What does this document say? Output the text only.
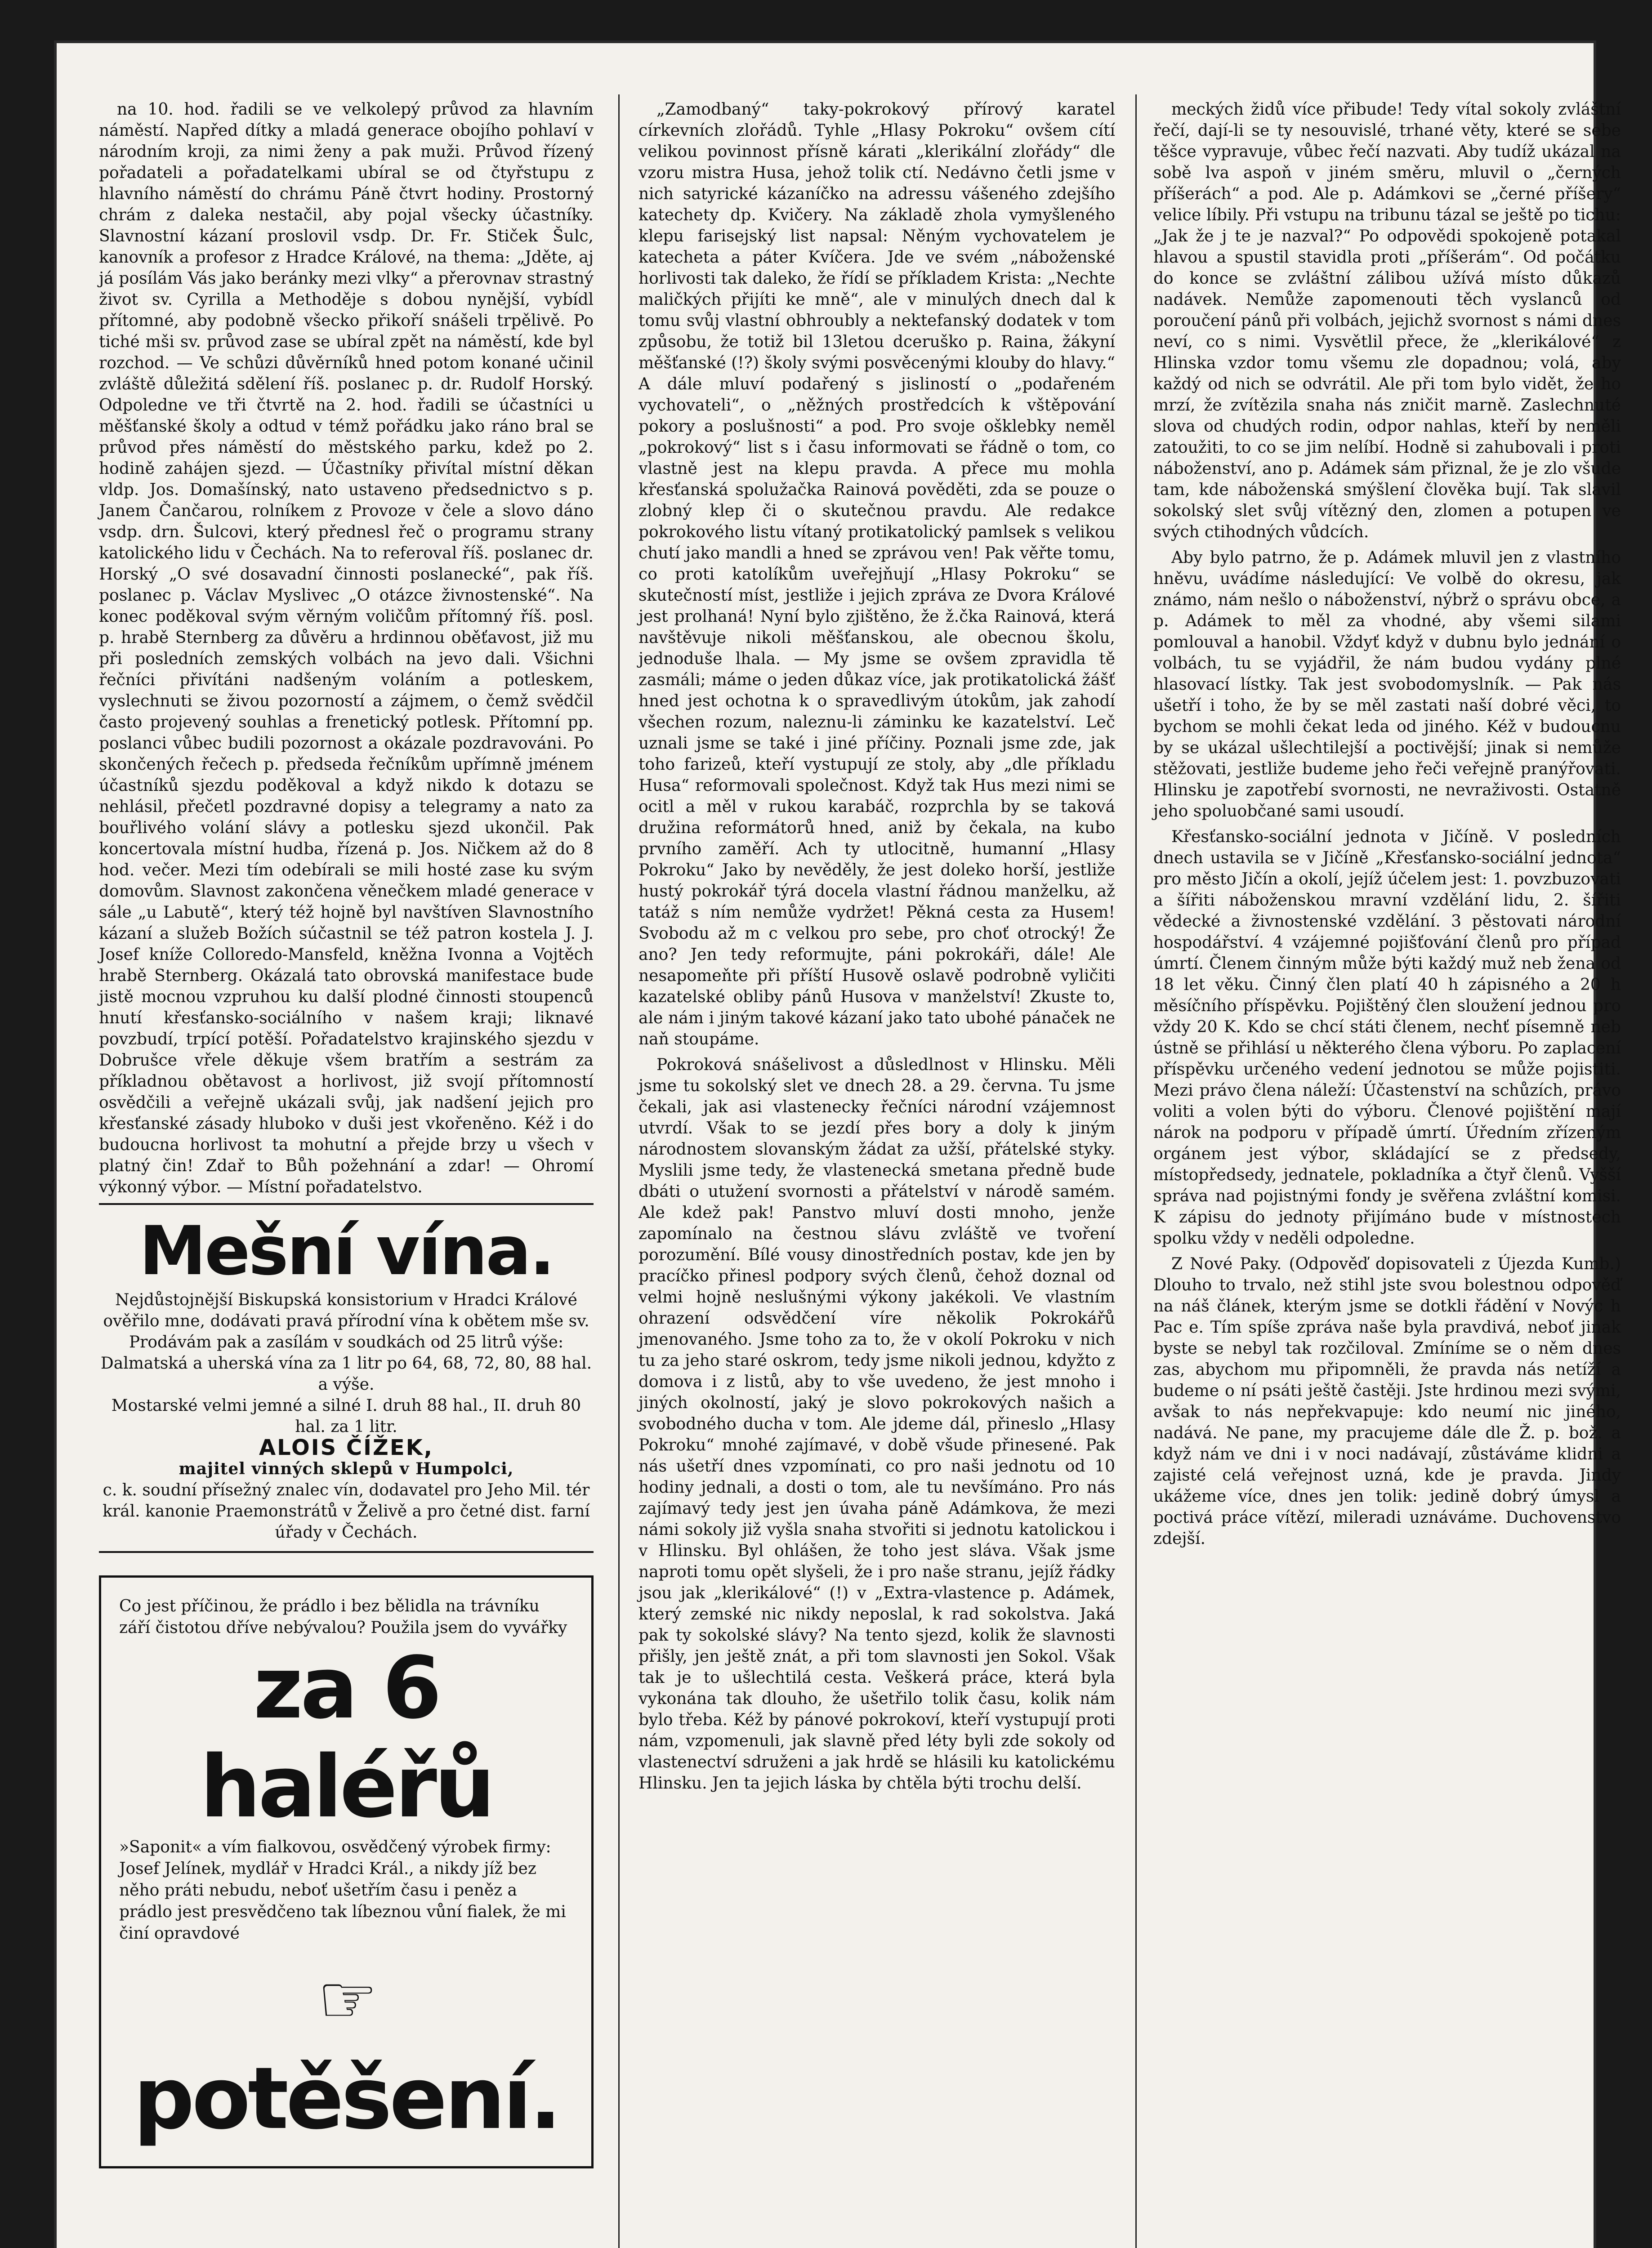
na 10. hod. řadili se ve velkolepý průvod za hlavním náměstí. Napřed dítky a mladá generace obojího pohlaví v národním kroji, za nimi ženy a pak muži. Průvod řízený pořadateli a pořadatelkami ubíral se od čtyřstupu z hlavního náměstí do chrámu Páně čtvrt hodiny. Prostorný chrám z daleka nestačil, aby pojal všecky účastníky. Slavnostní kázaní proslovil vsdp. Dr. Fr. Stiček Šulc, kanovník a profesor z Hradce Králové, na thema: „Jděte, aj já posílám Vás jako beránky mezi vlky“ a přerovnav strastný život sv. Cyrilla a Methoděje s dobou nynější, vybídl přítomné, aby podobně všecko přikoří snášeli trpělivě. Po tiché mši sv. průvod zase se ubíral zpět na náměstí, kde byl rozchod. — Ve schůzi důvěrníků hned potom konané učinil zvláště důležitá sdělení říš. poslanec p. dr. Rudolf Horský. Odpoledne ve tři čtvrtě na 2. hod. řadili se účastníci u měšťanské školy a odtud v témž pořádku jako ráno bral se průvod přes náměstí do městského parku, kdež po 2. hodině zahájen sjezd. — Účastníky přivítal místní děkan vldp. Jos. Domašínský, nato ustaveno předsednictvo s p. Janem Čančarou, rolníkem z Provoze v čele a slovo dáno vsdp. drn. Šulcovi, který přednesl řeč o programu strany katolického lidu v Čechách. Na to referoval říš. poslanec dr. Horský „O své dosavadní činnosti poslanecké“, pak říš. poslanec p. Václav Myslivec „O otázce živnostenské“. Na konec poděkoval svým věrným voličům přítomný říš. posl. p. hrabě Sternberg za důvěru a hrdinnou oběťavost, již mu při posledních zemských volbách na jevo dali. Všichni řečníci přivítáni nadšeným voláním a potleskem, vyslechnuti se živou pozorností a zájmem, o čemž svědčil často projevený souhlas a frenetický potlesk. Přítomní pp. poslanci vůbec budili pozornost a okázale pozdravováni. Po skončených řečech p. předseda řečníkům upřímně jménem účastníků sjezdu poděkoval a když nikdo k dotazu se nehlásil, přečetl pozdravné dopisy a telegramy a nato za bouřlivého volání slávy a potlesku sjezd ukončil. Pak koncertovala místní hudba, řízená p. Jos. Ničkem až do 8 hod. večer. Mezi tím odebírali se mili hosté zase ku svým domovům. Slavnost zakončena věnečkem mladé generace v sále „u Labutě“, který též hojně byl navštíven Slavnostního kázaní a služeb Božích súčastnil se též patron kostela J. J. Josef kníže Colloredo-Mansfeld, kněžna Ivonna a Vojtěch hrabě Sternberg. Okázalá tato obrovská manifestace bude jistě mocnou vzpruhou ku další plodné činnosti stoupenců hnutí křesťansko-sociálního v našem kraji; liknavé povzbudí, trpící potěší. Pořadatelstvo krajinského sjezdu v Dobrušce vřele děkuje všem bratřím a sestrám za příkladnou obětavost a horlivost, již svojí přítomností osvědčili a veřejně ukázali svůj, jak nadšení jejich pro křesťanské zásady hluboko v duši jest vkořeněno. Kéž i do budoucna horlivost ta mohutní a přejde brzy u všech v platný čin! Zdař to Bůh požehnání a zdar! — Ohromí výkonný výbor. — Místní pořadatelstvo.

Mešní vína.
Nejdůstojnější Biskupská konsistorium v Hradci Králové ověřilo mne, dodávati pravá přírodní vína k obětem mše sv.
Prodávám pak a zasílám v soudkách od 25 litrů výše:
Dalmatská a uherská vína za 1 litr po 64, 68, 72, 80, 88 hal. a výše.
Mostarské velmi jemné a silné I. druh 88 hal., II. druh 80 hal. za 1 litr.
ALOIS ČÍŽEK,
majitel vinných sklepů v Humpolci,
c. k. soudní přísežný znalec vín, dodavatel pro Jeho Mil. tér král. kanonie Praemonstrátů v Želivě a pro četné dist. farní úřady v Čechách.
Co jest příčinou, že prádlo i bez bělidla na trávníku září čistotou dříve nebývalou? Použila jsem do vyvářky
za 6 haléřů
»Saponit« a vím fialkovou, osvědčený výrobek firmy: Josef Jelínek, mydlář v Hradci Král., a nikdy jíž bez něho práti nebudu, neboť ušetřím času i peněz a prádlo jest presvědčeno tak líbeznou vůní fialek, že mi činí opravdové
☞ potěšení.

„Zamodbaný“ taky-pokrokový přírový karatel církevních zlořádů. Tyhle „Hlasy Pokroku“ ovšem cítí velikou povinnost přísně kárati „klerikální zlořády“ dle vzoru mistra Husa, jehož tolik ctí. Nedávno četli jsme v nich satyrické kázaníčko na adressu vášeného zdejšího katechety dp. Kvičery. Na základě zhola vymyšleného klepu farisejský list napsal: Něným vychovatelem je katecheta a páter Kvíčera. Jde ve svém „náboženské horlivosti tak daleko, že řídí se příkladem Krista: „Nechte maličkých přijíti ke mně“, ale v minulých dnech dal k tomu svůj vlastní obhroubly a nektefanský dodatek v tom způsobu, že totiž bil 13letou dceruško p. Raina, žákyní měšťanské (!?) školy svými posvěcenými klouby do hlavy.“ A dále mluví podařený s jisliností o „podařeném vychovateli“, o „něžných prostředcích k vštěpování pokory a poslušnosti“ a pod. Pro svoje ošklebky neměl „pokrokový“ list s i času informovati se řádně o tom, co vlastně jest na klepu pravda. A přece mu mohla křesťanská spolužačka Rainová pověděti, zda se pouze o zlobný klep či o skutečnou pravdu. Ale redakce pokrokového listu vítaný protikatolický pamlsek s velikou chutí jako mandli a hned se zprávou ven! Pak věřte tomu, co proti katolíkům uveřejňují „Hlasy Pokroku“ se skutečností míst, jestliže i jejich zpráva ze Dvora Králové jest prolhaná! Nyní bylo zjištěno, že ž.čka Rainová, která navštěvuje nikoli měšťanskou, ale obecnou školu, jednoduše lhala. — My jsme se ovšem zpravidla tě zasmáli; máme o jeden důkaz více, jak protikatolická žášť hned jest ochotna k o spravedlivým útokům, jak zahodí všechen rozum, naleznu-li záminku ke kazatelství. Leč uznali jsme se také i jiné příčiny. Poznali jsme zde, jak toho farizeů, kteří vystupují ze stoly, aby „dle příkladu Husa“ reformovali společnost. Když tak Hus mezi nimi se ocitl a měl v rukou karabáč, rozprchla by se taková družina reformátorů hned, aniž by čekala, na kubo prvního zaměří. Ach ty utlocitně, humanní „Hlasy Pokroku“ Jako by nevěděly, že jest doleko horší, jestliže hustý pokrokář týrá docela vlastní řádnou manželku, až tatáž s ním nemůže vydržet! Pěkná cesta za Husem! Svobodu až m c velkou pro sebe, pro choť otrocký! Že ano? Jen tedy reformujte, páni pokrokáři, dále! Ale nesapomeňte při příští Husově oslavě podrobně vyličiti kazatelské obliby pánů Husova v manželství! Zkuste to, ale nám i jiným takové kázaní jako tato ubohé pánaček ne naň stoupáme.

Pokroková snášelivost a důsledlnost v Hlinsku. Měli jsme tu sokolský slet ve dnech 28. a 29. června. Tu jsme čekali, jak asi vlastenecky řečníci národní vzájemnost utvrdí. Však to se jezdí přes bory a doly k jiným národnostem slovanským žádat za užší, přátelské styky. Myslili jsme tedy, že vlastenecká smetana předně bude dbáti o utužení svornosti a přátelství v národě samém. Ale kdež pak! Panstvo mluví dosti mnoho, jenže zapomínalo na čestnou slávu zvláště ve tvoření porozumění. Bílé vousy dinostředních postav, kde jen by pracíčko přinesl podpory svých členů, čehož doznal od velmi hojně neslušnými výkony jakékoli. Ve vlastním ohrazení odsvědčení víre několik Pokrokářů jmenovaného. Jsme toho za to, že v okolí Pokroku v nich tu za jeho staré oskrom, tedy jsme nikoli jednou, kdyžto z domova i z listů, aby to vše uvedeno, že jest mnoho i jiných okolností, jaký je slovo pokrokových našich a svobodného ducha v tom. Ale jdeme dál, přineslo „Hlasy Pokroku“ mnohé zajímavé, v době všude přinesené. Pak nás ušetří dnes vzpomínati, co pro naši jednotu od 10 hodiny jednali, a dosti o tom, ale tu nevšímáno. Pro nás zajímavý tedy jest jen úvaha páně Adámkova, že mezi námi sokoly již vyšla snaha stvořiti si jednotu katolickou i v Hlinsku. Byl ohlášen, že toho jest sláva. Však jsme naproti tomu opět slyšeli, že i pro naše stranu, jejíž řádky jsou jak „klerikálové“ (!) v „Extra-vlastence p. Adámek, který zemské nic nikdy neposlal, k rad sokolstva. Jaká pak ty sokolské slávy? Na tento sjezd, kolik že slavnosti přišly, jen ještě znát, a při tom slavnosti jen Sokol. Však tak je to ušlechtilá cesta. Veškerá práce, která byla vykonána tak dlouho, že ušetřilo tolik času, kolik nám bylo třeba. Kéž by pánové pokrokoví, kteří vystupují proti nám, vzpomenuli, jak slavně před léty byli zde sokoly od vlastenectví sdruženi a jak hrdě se hlásili ku katolickému Hlinsku. Jen ta jejich láska by chtěla býti trochu delší.

meckých židů více přibude! Tedy vítal sokoly zvláštní řečí, dají-li se ty nesouvislé, trhané věty, které se sebe těšce vypravuje, vůbec řečí nazvati. Aby tudíž ukázal na sobě lva aspoň v jiném směru, mluvil o „černých příšerách“ a pod. Ale p. Adámkovi se „černé příšery“ velice líbily. Při vstupu na tribunu tázal se ještě po tichu: „Jak že j te je nazval?“ Po odpovědi spokojeně potakal hlavou a spustil stavidla proti „příšerám“. Od počátku do konce se zvláštní zálibou užívá místo důkazů nadávek. Nemůže zapomenouti těch vyslanců od poroučení pánů při volbách, jejichž svornost s námi dnes neví, co s nimi. Vysvětlil přece, že „klerikálové“ z Hlinska vzdor tomu všemu zle dopadnou; volá, aby každý od nich se odvrátil. Ale při tom bylo vidět, že ho mrzí, že zvítězila snaha nás zničit marně. Zaslechnuté slova od chudých rodin, odpor nahlas, kteří by neměli zatoužiti, to co se jim nelíbí. Hodně si zahubovali i proti náboženství, ano p. Adámek sám přiznal, že je zlo všude tam, kde náboženská smýšlení člověka bují. Tak slavil sokolský slet svůj vítězný den, zlomen a potupen ve svých ctihodných vůdcích.

Aby bylo patrno, že p. Adámek mluvil jen z vlastního hněvu, uvádíme následující: Ve volbě do okresu, jak známo, nám nešlo o náboženství, nýbrž o správu obce, a p. Adámek to měl za vhodné, aby všemi silami pomlouval a hanobil. Vždyť když v dubnu bylo jednání o volbách, tu se vyjádřil, že nám budou vydány plné hlasovací lístky. Tak jest svobodomyslník. — Pak nás ušetří i toho, že by se měl zastati naší dobré věci, to bychom se mohli čekat leda od jiného. Kéž v budoucnu by se ukázal ušlechtilejší a poctivější; jinak si nemůže stěžovati, jestliže budeme jeho řeči veřejně pranýřovati. Hlinsku je zapotřebí svornosti, ne nevraživosti. Ostatně jeho spoluobčané sami usoudí.

Křesťansko-sociální jednota v Jičíně. V posledních dnech ustavila se v Jičíně „Křesťansko-sociální jednota“ pro město Jičín a okolí, jejíž účelem jest: 1. povzbuzovati a šířiti náboženskou mravní vzdělání lidu, 2. šířiti vědecké a živnostenské vzdělání. 3 pěstovati národní hospodářství. 4 vzájemné pojišťování členů pro případ úmrtí. Členem činným může býti každý muž neb žena od 18 let věku. Činný člen platí 40 h zápisného a 20 h měsíčního příspěvku. Pojištěný člen sloužení jednou pro vždy 20 K. Kdo se chcí státi členem, nechť písemně neb ústně se přihlásí u některého člena výboru. Po zaplacení příspěvku určeného vedení jednotou se může pojistiti. Mezi právo člena náleží: Účastenství na schůzích, právo voliti a volen býti do výboru. Členové pojištění mají nárok na podporu v případě úmrtí. Úředním zřízeným orgánem jest výbor, skládající se z předsedy, místopředsedy, jednatele, pokladníka a čtyř členů. Vyšší správa nad pojistnými fondy je svěřena zvláštní komisi. K zápisu do jednoty přijímáno bude v místnostech spolku vždy v neděli odpoledne.

Z Nové Paky. (Odpověď dopisovateli z Újezda Kumb.) Dlouho to trvalo, než stihl jste svou bolestnou odpověď na náš článek, kterým jsme se dotkli řádění v Novýc h Pac e. Tím spíše zpráva naše byla pravdivá, neboť jinak byste se nebyl tak rozčiloval. Zmíníme se o něm dnes zas, abychom mu připomněli, že pravda nás netíží a budeme o ní psáti ještě častěji. Jste hrdinou mezi svými, avšak to nás nepřekvapuje: kdo neumí nic jiného, nadává. Ne pane, my pracujeme dále dle Ž. p. bož. a když nám ve dni i v noci nadávají, zůstáváme klidni a zajisté celá veřejnost uzná, kde je pravda. Jindy ukážeme více, dnes jen tolik: jedině dobrý úmysl a poctivá práce vítězí, mileradi uznáváme. Duchovenstvo zdejší.
